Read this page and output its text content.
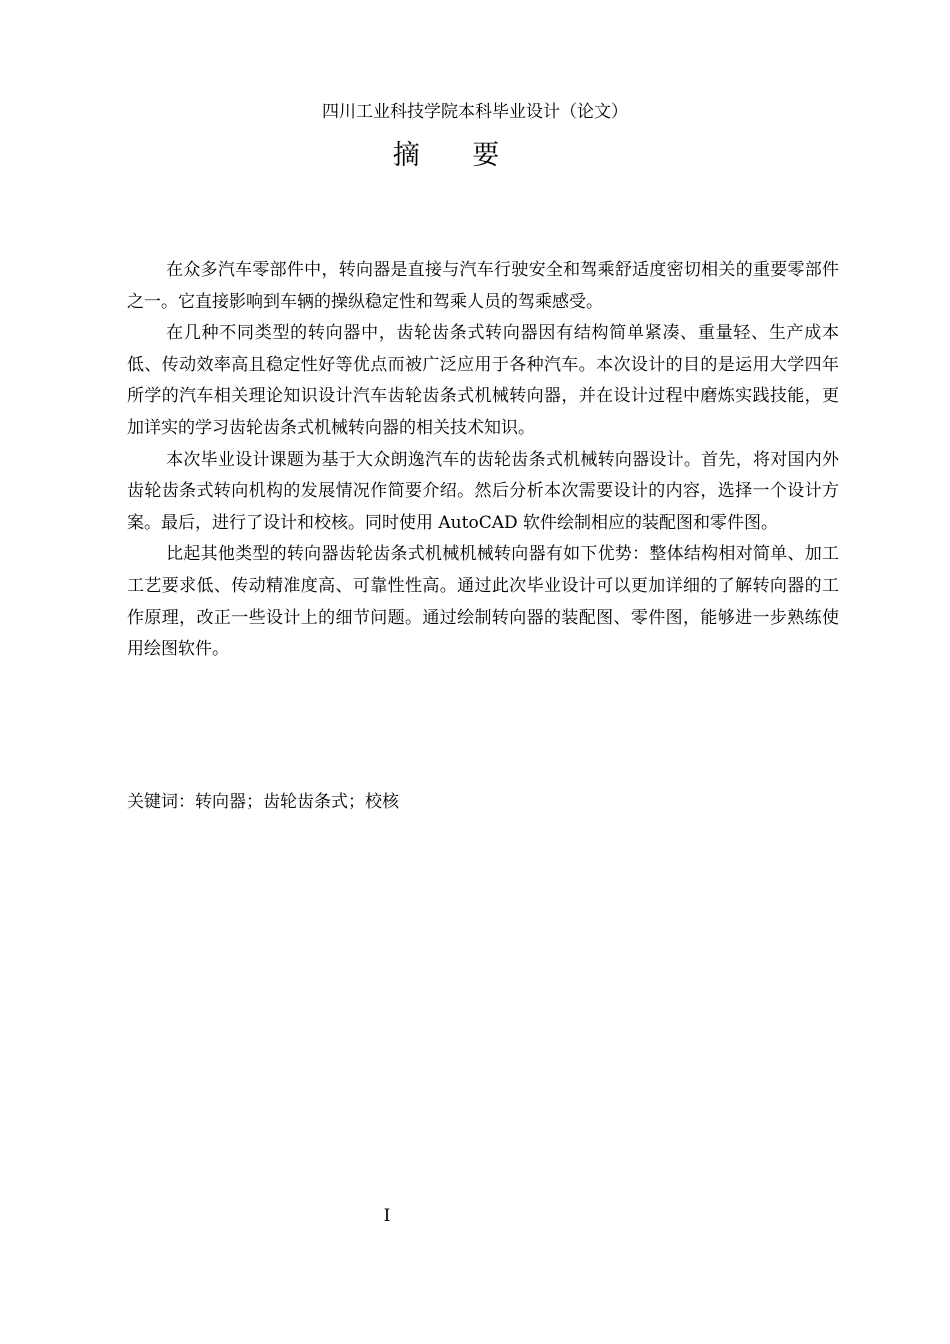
四川工业科技学院本科毕业设计（论文）
摘 要

在众多汽车零部件中，转向器是直接与汽车行驶安全和驾乘舒适度密切相关的重要零部件之一。它直接影响到车辆的操纵稳定性和驾乘人员的驾乘感受。

在几种不同类型的转向器中，齿轮齿条式转向器因有结构简单紧凑、重量轻、生产成本低、传动效率高且稳定性好等优点而被广泛应用于各种汽车。本次设计的目的是运用大学四年所学的汽车相关理论知识设计汽车齿轮齿条式机械转向器，并在设计过程中磨炼实践技能，更加详实的学习齿轮齿条式机械转向器的相关技术知识。

本次毕业设计课题为基于大众朗逸汽车的齿轮齿条式机械转向器设计。首先，将对国内外齿轮齿条式转向机构的发展情况作简要介绍。然后分析本次需要设计的内容，选择一个设计方案。最后，进行了设计和校核。同时使用 AutoCAD 软件绘制相应的装配图和零件图。

比起其他类型的转向器齿轮齿条式机械机械转向器有如下优势：整体结构相对简单、加工工艺要求低、传动精准度高、可靠性性高。通过此次毕业设计可以更加详细的了解转向器的工作原理，改正一些设计上的细节问题。通过绘制转向器的装配图、零件图，能够进一步熟练使用绘图软件。

关键词：转向器；齿轮齿条式；校核
I
